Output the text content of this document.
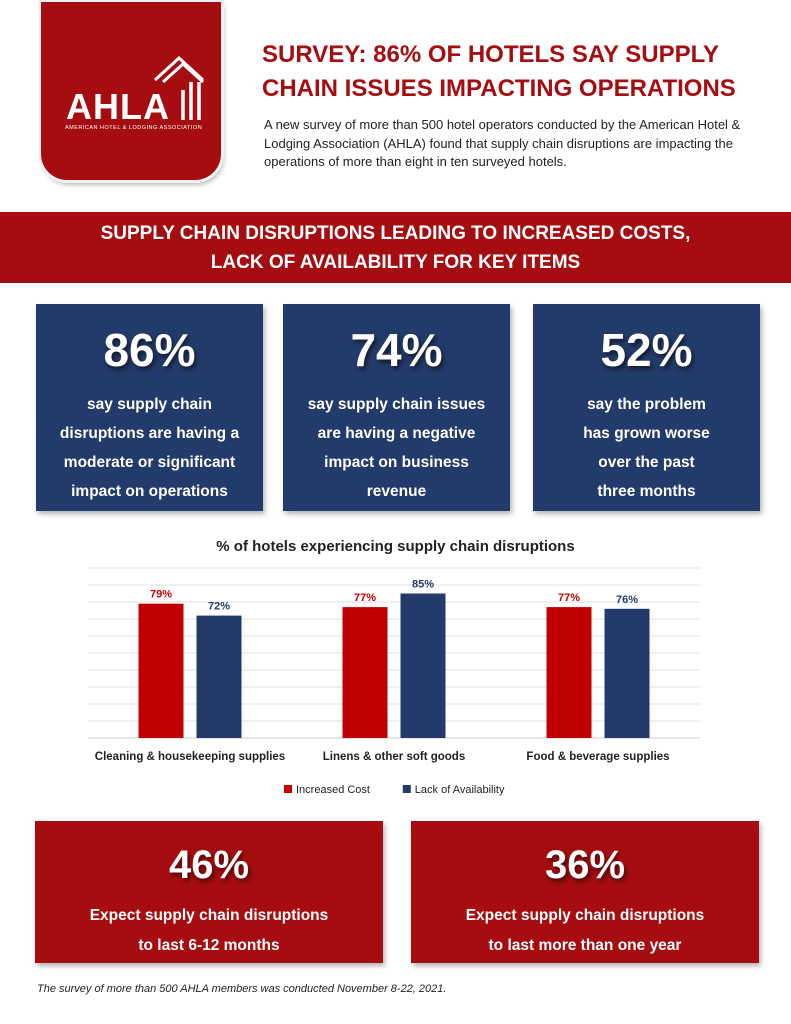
AHLA
AMERICAN HOTEL & LODGING ASSOCIATION
SURVEY: 86% OF HOTELS SAY SUPPLY
CHAIN ISSUES IMPACTING OPERATIONS
A new survey of more than 500 hotel operators conducted by the American Hotel & Lodging Association (AHLA) found that supply chain disruptions are impacting the operations of more than eight in ten surveyed hotels.
SUPPLY CHAIN DISRUPTIONS LEADING TO INCREASED COSTS,
LACK OF AVAILABILITY FOR KEY ITEMS
86%
say supply chain
disruptions are having a
moderate or significant
impact on operations
74%
say supply chain issues
are having a negative
impact on business
revenue
52%
say the problem
has grown worse
over the past
three months
% of hotels experiencing supply chain disruptions
79%
72%
Cleaning & housekeeping supplies
77%
85%
Linens & other soft goods
77%	76%
Food & beverage supplies
Increased Cost	Lack of Availability
46%
Expect supply chain disruptions
to last 6-12 months
36%
Expect supply chain disruptions
to last more than one year
The survey of more than 500 AHLA members was conducted November 8-22, 2021.
